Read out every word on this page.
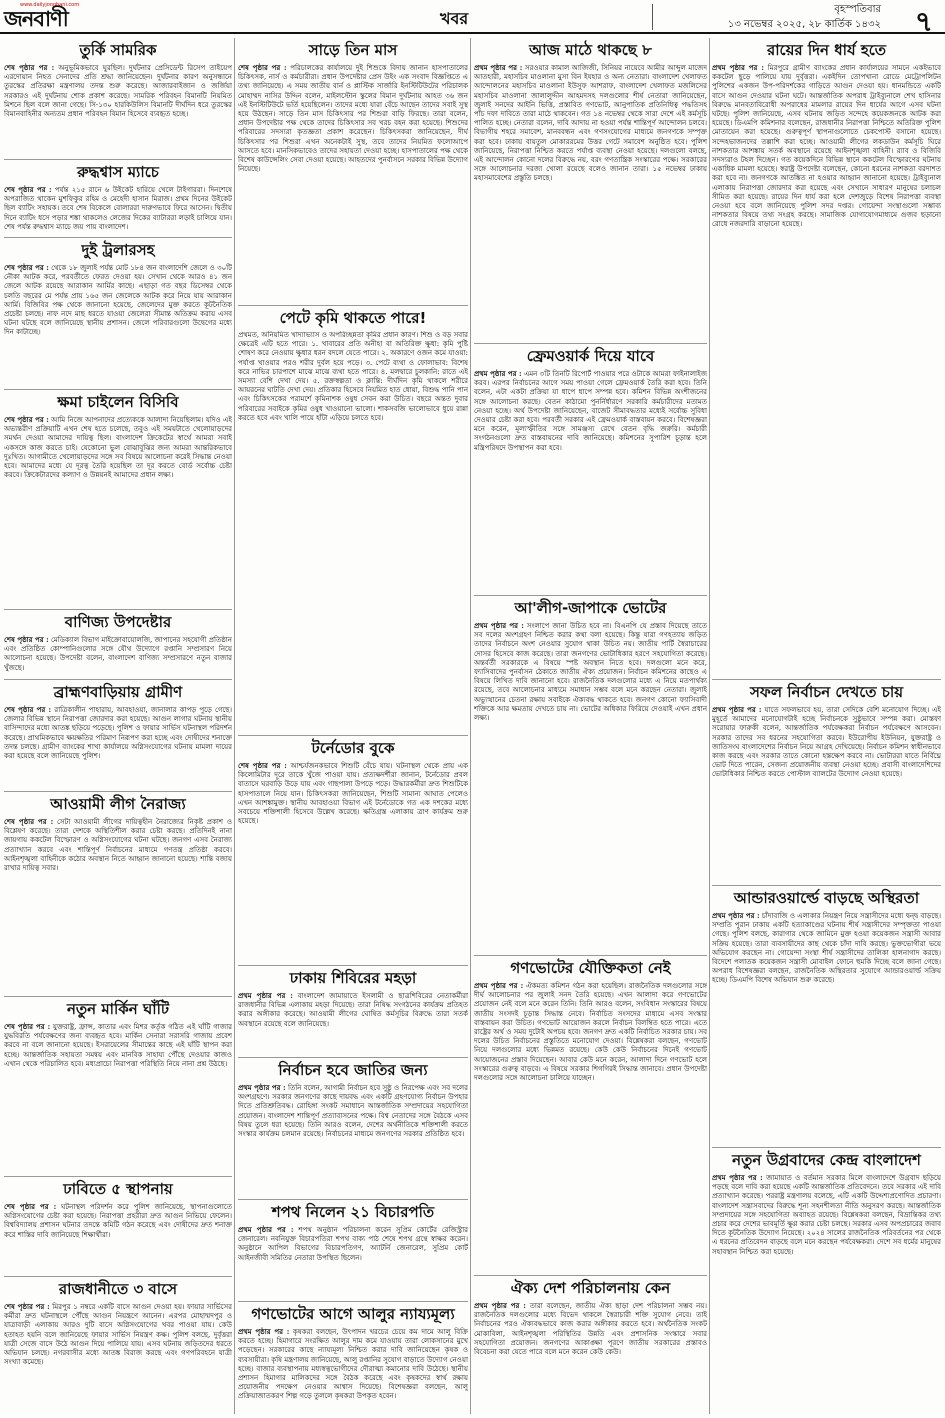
জনবাণী
www.dailyjonobani.com
খবর	বৃহস্পতিবার
১৩ নভেম্বর ২০২৫, ২৮ কার্তিক ১৪৩২ ৭
তুর্কি সামরিক

শেষ পৃষ্ঠার পর : অনুভূমিকভাবে ঘুরছিল। দুর্ঘটনার প্রেসিডেন্ট রিসেপ তাইয়েপ এরদোয়ান নিহত সেনাদের প্রতি শ্রদ্ধা জানিয়েছেন। দুর্ঘটনার কারণ অনুসন্ধানে তুরস্কের প্রতিরক্ষা মন্ত্রণালয় তদন্ত শুরু করেছে। আজারবাইজান ও জর্জিয়া সরকারও এই দুর্ঘটনায় শোক প্রকাশ করেছে। সামরিক পরিবহন বিমানটি নিয়মিত মিশনে ছিল বলে জানা গেছে। সি-১৩০ হারকিউলিস বিমানটি দীর্ঘদিন ধরে তুরস্কের বিমানবাহিনীর অন্যতম প্রধান পরিবহন বিমান হিসেবে ব্যবহৃত হচ্ছে।

রুদ্ধশ্বাস ম্যাচে

শেষ পৃষ্ঠার পর : পর্যন্ত ২১৫ রানে ৬ উইকেট হারিয়ে খেলে টাইগাররা। দিনশেষে অপরাজিত থাকেন মুশফিকুর রহিম ও মেহেদী হাসান মিরাজ। প্রথম দিনের উইকেট ছিল ব্যাটিং সহায়ক। তবে শেষ বিকেলে বোলাররা দারুণভাবে ফিরে আসেন। দ্বিতীয় দিনে ব্যাটিং ধসে পড়ার শঙ্কা থাকলেও লেজের দিকের ব্যাটাররা লড়াই চালিয়ে যান। শেষ পর্যন্ত রুদ্ধশ্বাস ম্যাচে জয় পায় বাংলাদেশ।

দুই ট্রলারসহ

শেষ পৃষ্ঠার পর : থেকে ১৮ জুলাই পর্যন্ত মোট ১৮৪ জন বাংলাদেশি জেলে ও ৩০টি নৌকা আটক করে, পরবর্তীতে ফেরত দেওয়া হয়। সেখান থেকে আরও ৪১ জন জেলে আটক রয়েছে আরাকান আর্মির কাছে। এছাড়া গত বছর ডিসেম্বর থেকে চলতি বছরের মে পর্যন্ত প্রায় ১৬৫ জন জেলেকে আটক করে নিয়ে যায় আরাকান আর্মি। বিজিবির পক্ষ থেকে জানানো হয়েছে, জেলেদের মুক্ত করতে কূটনৈতিক প্রচেষ্টা চলছে। নাফ নদে মাছ ধরতে যাওয়া জেলেরা সীমান্ত অতিক্রম করায় এসব ঘটনা ঘটছে বলে জানিয়েছে স্থানীয় প্রশাসন। জেলে পরিবারগুলো উদ্বেগের মধ্যে দিন কাটাচ্ছে।

ক্ষমা চাইলেন বিসিবি

শেষ পৃষ্ঠার পর : আমি নিজে আপনাদের প্রত্যেককে আলাদা নিয়েছিলাম। যদিও এই অভ্যন্তরীণ প্রক্রিয়াটি এখন শেষ হতে চলেছে, তবুও এই সময়টাতে খেলোয়াড়দের সমর্থন দেওয়া আমাদের দায়িত্ব ছিল। বাংলাদেশ ক্রিকেটের স্বার্থে আমরা সবাই একসঙ্গে কাজ করতে চাই। যেকোনো ভুল বোঝাবুঝির জন্য আমরা আন্তরিকভাবে দুঃখিত। আগামীতে খেলোয়াড়দের সঙ্গে সব বিষয়ে আলোচনা করেই সিদ্ধান্ত নেওয়া হবে। আমাদের মধ্যে যে দূরত্ব তৈরি হয়েছিল তা দূর করতে বোর্ড সর্বোচ্চ চেষ্টা করবে। ক্রিকেটারদের কল্যাণ ও উন্নয়নই আমাদের প্রধান লক্ষ্য।

বাণিজ্য উপদেষ্টার

শেষ পৃষ্ঠার পর : মেডিক্যাল বিভাগ মাইক্রোবায়োলজি, জাপানের সহযোগী প্রতিষ্ঠান এবং প্রতিষ্ঠিত কোম্পানিগুলোর সঙ্গে যৌথ উদ্যোগে রপ্তানি সম্প্রসারণ নিয়ে আলোচনা হয়েছে। উপদেষ্টা বলেন, বাংলাদেশ বাণিজ্য সম্প্রসারণে নতুন বাজার খুঁজছে।

ব্রাহ্মণবাড়িয়ায় গ্রামীণ

শেষ পৃষ্ঠার পর : রাত্রিকালীন পাহারায়, আবহাওয়া, জানালার কাপড় পুড়ে গেছে। জেলার বিভিন্ন স্থানে নিরাপত্তা জোরদার করা হয়েছে। আগুন লাগার ঘটনায় স্থানীয় বাসিন্দাদের মধ্যে আতঙ্ক ছড়িয়ে পড়েছে। পুলিশ ও ফায়ার সার্ভিস ঘটনাস্থল পরিদর্শন করেছে। প্রাথমিকভাবে ক্ষয়ক্ষতির পরিমাণ নিরূপণ করা হচ্ছে এবং দোষীদের শনাক্তে তদন্ত চলছে। গ্রামীণ ব্যাংকের শাখা কার্যালয়ে অগ্নিসংযোগের ঘটনায় মামলা দায়ের করা হয়েছে বলে জানিয়েছে পুলিশ।

আওয়ামী লীগ নৈরাজ্য

শেষ পৃষ্ঠার পর : সেটা আওয়ামী লীগের দায়িত্বহীন নৈরাজ্যের নিকৃষ্ট প্রকাশ ও বিশ্লেষণ করেছে। তারা দেশকে অস্থিতিশীল করার চেষ্টা করছে। প্রতিদিনই নানা জায়গায় ককটেল বিস্ফোরণ ও অগ্নিসংযোগের ঘটনা ঘটছে। জনগণ এসব নৈরাজ্য প্রত্যাখ্যান করবে এবং শান্তিপূর্ণ নির্বাচনের মাধ্যমে গণতন্ত্র প্রতিষ্ঠা করবে। আইনশৃঙ্খলা বাহিনীকে কঠোর অবস্থান নিতে আহ্বান জানানো হয়েছে। শান্তি বজায় রাখার দায়িত্ব সবার।

নতুন মার্কিন ঘাঁটি

শেষ পৃষ্ঠার পর : যুক্তরাষ্ট্র, ফ্রান্স, কাতার এবং মিশর কর্তৃক গঠিত এই ঘাঁটি গাজার যুদ্ধবিরতি পর্যবেক্ষণের জন্য ব্যবহৃত হবে। মার্কিন সেনারা সরাসরি গাজায় প্রবেশ করবে না বলে জানানো হয়েছে। ইসরায়েলের সীমান্তের কাছে এই ঘাঁটি স্থাপন করা হচ্ছে। আন্তর্জাতিক সহায়তা সমন্বয় এবং মানবিক সাহায্য পৌঁছে দেওয়ার কাজও এখান থেকে পরিচালিত হবে। মধ্যপ্রাচ্যে নিরাপত্তা পরিস্থিতি নিয়ে নানা প্রশ্ন উঠছে।

ঢাবিতে ৫ স্থাপনায়

শেষ পৃষ্ঠার পর : ঘটনাস্থল পরিদর্শন করে পুলিশ জানিয়েছে, স্থাপনাগুলোতে অগ্নিসংযোগের চেষ্টা করা হয়েছে। নিরাপত্তা প্রহরীরা দ্রুত আগুন নিভিয়ে ফেলেন। বিশ্ববিদ্যালয় প্রশাসন ঘটনার তদন্তে কমিটি গঠন করেছে এবং দোষীদের দ্রুত শনাক্ত করে শাস্তির দাবি জানিয়েছে শিক্ষার্থীরা।

রাজধানীতে ৩ বাসে

শেষ পৃষ্ঠার পর : মিরপুর ১ নম্বরে একটি বাসে আগুন দেওয়া হয়। ফায়ার সার্ভিসের কর্মীরা দ্রুত ঘটনাস্থলে পৌঁছে আগুন নিয়ন্ত্রণে আনেন। এরপর মোহাম্মদপুর ও যাত্রাবাড়ী এলাকায় আরও দুটি বাসে অগ্নিসংযোগের খবর পাওয়া যায়। কেউ হতাহত হয়নি বলে জানিয়েছে ফায়ার সার্ভিস নিয়ন্ত্রণ কক্ষ। পুলিশ বলছে, দুর্বৃত্তরা যাত্রী সেজে বাসে উঠে আগুন দিয়ে পালিয়ে যায়। এসব ঘটনায় জড়িতদের ধরতে অভিযান চলছে। নগরবাসীর মধ্যে আতঙ্ক বিরাজ করছে এবং গণপরিবহনে যাত্রী সংখ্যা কমেছে।

সাড়ে তিন মাস

শেষ পৃষ্ঠার পর : পরিচালকের কার্যালয়ে দুই শিশুকে বিদায় জানান হাসপাতালের চিকিৎসক, নার্স ও কর্মচারীরা। প্রধান উপদেষ্টার প্রেস উইং এক সংবাদ বিজ্ঞপ্তিতে এ তথ্য জানিয়েছে। এ সময় জাতীয় বার্ন ও প্লাস্টিক সার্জারি ইনস্টিটিউটের পরিচালক মোহাম্মদ নাসির উদ্দিন বলেন, মাইলস্টোন স্কুলের বিমান দুর্ঘটনায় আহত ৩৬ জন এই ইনস্টিটিউটে ভর্তি হয়েছিলেন। তাদের মধ্যে যারা বেঁচে আছেন তাদের সবাই সুস্থ হয়ে উঠছেন। সাড়ে তিন মাস চিকিৎসার পর শিশুরা বাড়ি ফিরছে। তারা বলেন, প্রধান উপদেষ্টার পক্ষ থেকে তাদের চিকিৎসার সব খরচ বহন করা হয়েছে। শিশুদের পরিবারের সদস্যরা কৃতজ্ঞতা প্রকাশ করেছেন। চিকিৎসকরা জানিয়েছেন, দীর্ঘ চিকিৎসার পর শিশুরা এখন অনেকটাই সুস্থ, তবে তাদের নিয়মিত ফলোআপে আসতে হবে। মানসিকভাবেও তাদের সহায়তা দেওয়া হচ্ছে। হাসপাতালের পক্ষ থেকে বিশেষ কাউন্সেলিং সেবা দেওয়া হয়েছে। আহতদের পুনর্বাসনে সরকার বিভিন্ন উদ্যোগ নিয়েছে।

পেটে কৃমি থাকতে পারে!

প্রথমত, অনিয়মিত খাদ্যাভ্যাস ও অপরিচ্ছন্নতা কৃমির প্রধান কারণ। শিশু ও বড় সবার ক্ষেত্রেই এটি হতে পারে। ১. খাবারের প্রতি অনীহা বা অতিরিক্ত ক্ষুধা: কৃমি পুষ্টি শোষণ করে নেওয়ায় ক্ষুধার ধরন বদলে যেতে পারে। ২. অকারণে ওজন কমে যাওয়া: পর্যাপ্ত খাওয়ার পরও শরীর দুর্বল হয়ে পড়ে। ৩. পেটে ব্যথা ও ফোলাভাব: বিশেষ করে নাভির চারপাশে মাঝে মাঝে ব্যথা হতে পারে। ৪. মলদ্বারে চুলকানি: রাতে এই সমস্যা বেশি দেখা দেয়। ৫. রক্তস্বল্পতা ও ক্লান্তি: দীর্ঘদিন কৃমি থাকলে শরীরে আয়রনের ঘাটতি দেখা দেয়। প্রতিকার হিসেবে নিয়মিত হাত ধোয়া, বিশুদ্ধ পানি পান এবং চিকিৎসকের পরামর্শে কৃমিনাশক ওষুধ সেবন করা উচিত। বছরে অন্তত দুবার পরিবারের সবাইকে কৃমির ওষুধ খাওয়ানো ভালো। শাকসবজি ভালোভাবে ধুয়ে রান্না করতে হবে এবং খালি পায়ে হাঁটা এড়িয়ে চলতে হবে।

টর্নেডোর বুকে

শেষ পৃষ্ঠার পর : আশ্চর্যজনকভাবে শিশুটি বেঁচে যায়। ঘটনাস্থল থেকে প্রায় এক কিলোমিটার দূরে তাকে খুঁজে পাওয়া যায়। প্রত্যক্ষদর্শীরা জানান, টর্নেডোর প্রবল বাতাসে ঘরবাড়ি উড়ে যায় এবং গাছপালা উপড়ে পড়ে। উদ্ধারকর্মীরা দ্রুত শিশুটিকে হাসপাতালে নিয়ে যান। চিকিৎসকরা জানিয়েছেন, শিশুটি সামান্য আঘাত পেলেও এখন আশঙ্কামুক্ত। স্থানীয় আবহাওয়া বিভাগ এই টর্নেডোকে গত এক দশকের মধ্যে সবচেয়ে শক্তিশালী হিসেবে উল্লেখ করেছে। ক্ষতিগ্রস্ত এলাকায় ত্রাণ কার্যক্রম শুরু হয়েছে।

ঢাকায় শিবিরের মহড়া

প্রথম পৃষ্ঠার পর : বাংলাদেশ জামায়াতে ইসলামী ও ছাত্রশিবিরের নেতাকর্মীরা রাজধানীর বিভিন্ন এলাকায় মহড়া দিয়েছে। তারা নিষিদ্ধ সংগঠনের কার্যক্রম প্রতিহত করার অঙ্গীকার করেছে। আওয়ামী লীগের ঘোষিত কর্মসূচির বিরুদ্ধে তারা সতর্ক অবস্থানে রয়েছে বলে জানিয়েছে।

নির্বাচন হবে জাতির জন্য

প্রথম পৃষ্ঠার পর : তিনি বলেন, আগামী নির্বাচন হবে সুষ্ঠু ও নিরপেক্ষ এবং সব দলের অংশগ্রহণে। সরকার জনগণের কাছে দায়বদ্ধ এবং একটি গ্রহণযোগ্য নির্বাচন উপহার দিতে প্রতিশ্রুতিবদ্ধ। রোহিঙ্গা সংকট সমাধানে আন্তর্জাতিক সম্প্রদায়ের সহযোগিতা প্রয়োজন। বাংলাদেশ শান্তিপূর্ণ প্রত্যাবাসনের পক্ষে। বিশ্ব নেতাদের সঙ্গে বৈঠকে এসব বিষয় তুলে ধরা হয়েছে। তিনি আরও বলেন, দেশের অর্থনীতিকে শক্তিশালী করতে সংস্কার কার্যক্রম চলমান রয়েছে। নির্বাচনের মাধ্যমে জনগণের সরকার প্রতিষ্ঠিত হবে।

শপথ নিলেন ২১ বিচারপতি

প্রথম পৃষ্ঠার পর : শপথ অনুষ্ঠান পরিচালনা করেন সুপ্রিম কোর্টের রেজিস্ট্রার জেনারেল। নবনিযুক্ত বিচারপতিরা শপথ বাক্য পাঠ শেষে শপথ গ্রন্থে স্বাক্ষর করেন। অনুষ্ঠানে আপিল বিভাগের বিচারপতিগণ, অ্যাটর্নি জেনারেল, সুপ্রিম কোর্ট আইনজীবী সমিতির নেতারা উপস্থিত ছিলেন।

গণভোটের আগে আলুর ন্যায্যমূল্য

প্রথম পৃষ্ঠার পর : কৃষকরা বলছেন, উৎপাদন খরচের চেয়ে কম দামে আলু বিক্রি করতে হচ্ছে। হিমাগারে সংরক্ষিত আলুর দাম কমে যাওয়ায় তারা লোকসানের মুখে পড়েছেন। সরকারের কাছে ন্যায্যমূল্য নিশ্চিত করার দাবি জানিয়েছেন কৃষক ও ব্যবসায়ীরা। কৃষি মন্ত্রণালয় জানিয়েছে, আলু রপ্তানির সুযোগ বাড়াতে উদ্যোগ নেওয়া হচ্ছে। বাজার ব্যবস্থাপনায় মধ্যস্বত্বভোগীদের দৌরাত্ম্য কমানোর দাবি উঠেছে। স্থানীয় প্রশাসন হিমাগার মালিকদের সঙ্গে বৈঠক করেছে এবং কৃষকদের স্বার্থ রক্ষায় প্রয়োজনীয় পদক্ষেপ নেওয়ার আশ্বাস দিয়েছে। বিশেষজ্ঞরা বলছেন, আলু প্রক্রিয়াজাতকরণ শিল্প গড়ে তুললে কৃষকরা উপকৃত হবেন।

আজ মাঠে থাকছে ৮

প্রথম পৃষ্ঠার পর : সরওয়ার কামাল আজিজী, সিনিয়র নায়েবে আমীর আব্দুল মাজেদ আতহারী, মহাসচিব মাওলানা মুসা বিন ইযহার ও অন্য নেতারা। বাংলাদেশ খেলাফত আন্দোলনের মহাসচিব মাওলানা ইউসুফ আশরাফ, বাংলাদেশ খেলাফত মজলিসের মহাসচিব মাওলানা জালালুদ্দীন আহমদসহ দলগুলোর শীর্ষ নেতারা জানিয়েছেন, জুলাই সনদের আইনি ভিত্তি, প্রস্তাবিত গণভোট, আনুপাতিক প্রতিনিধিত্ব পদ্ধতিসহ পাঁচ দফা দাবিতে তারা মাঠে থাকবেন। গত ১৪ নভেম্বর থেকে সারা দেশে এই কর্মসূচি পালিত হচ্ছে। নেতারা বলেন, দাবি আদায় না হওয়া পর্যন্ত শান্তিপূর্ণ আন্দোলন চলবে। বিভাগীয় শহরে সমাবেশ, মানববন্ধন এবং গণসংযোগের মাধ্যমে জনগণকে সম্পৃক্ত করা হবে। ঢাকায় বায়তুল মোকাররমের উত্তর গেটে সমাবেশ অনুষ্ঠিত হবে। পুলিশ জানিয়েছে, নিরাপত্তা নিশ্চিত করতে পর্যাপ্ত ব্যবস্থা নেওয়া হয়েছে। দলগুলো বলছে, এই আন্দোলন কোনো দলের বিরুদ্ধে নয়, বরং গণতান্ত্রিক সংস্কারের পক্ষে। সরকারের সঙ্গে আলোচনার দরজা খোলা রয়েছে বলেও জানান তারা। ১৫ নভেম্বর ঢাকায় মহাসমাবেশের প্রস্তুতি চলছে।

ফ্রেমওয়ার্ক দিয়ে যাবে

প্রথম পৃষ্ঠার পর : এমন ৩টি তিনটি রিপোর্ট পাওয়ার পরে ওটাকে আমরা ফাইনালাইজ করব। এরপর নির্বাচনের আগে সময় পাওয়া গেলে ফ্রেমওয়ার্ক তৈরি করা হবে। তিনি বলেন, এটা একটা প্রক্রিয়া যা ধাপে ধাপে সম্পন্ন হবে। কমিশন বিভিন্ন অংশীজনের সঙ্গে আলোচনা করছে। বেতন কাঠামো পুনর্নির্ধারণে সরকারি কর্মচারীদের মতামত নেওয়া হচ্ছে। অর্থ উপদেষ্টা জানিয়েছেন, বাজেট সীমাবদ্ধতার মধ্যেই সর্বোচ্চ সুবিধা দেওয়ার চেষ্টা করা হবে। পরবর্তী সরকার এই ফ্রেমওয়ার্ক বাস্তবায়ন করবে। বিশেষজ্ঞরা মনে করেন, মূল্যস্ফীতির সঙ্গে সামঞ্জস্য রেখে বেতন বৃদ্ধি জরুরি। কর্মচারী সংগঠনগুলো দ্রুত বাস্তবায়নের দাবি জানিয়েছে। কমিশনের সুপারিশ চূড়ান্ত হলে মন্ত্রিপরিষদে উপস্থাপন করা হবে।

আ'লীগ-জাপাকে ভোটের

প্রথম পৃষ্ঠার পর : সংলাপে জানা উচিত হবে না। বিএনপি যে প্রস্তাব দিয়েছে তাতে সব দলের অংশগ্রহণ নিশ্চিত করার কথা বলা হয়েছে। কিন্তু যারা গণহত্যায় জড়িত তাদের নির্বাচনে অংশ নেওয়ার সুযোগ থাকা উচিত নয়। জাতীয় পার্টি স্বৈরাচারের দোসর হিসেবে কাজ করেছে। তারা জনগণের ভোটাধিকার হরণে সহযোগিতা করেছে। অন্তর্বর্তী সরকারকে এ বিষয়ে স্পষ্ট অবস্থান নিতে হবে। দলগুলো মনে করে, ফ্যাসিবাদের পুনর্বাসন ঠেকাতে জাতীয় ঐক্য প্রয়োজন। নির্বাচন কমিশনের কাছেও এ বিষয়ে লিখিত দাবি জানানো হবে। রাজনৈতিক দলগুলোর মধ্যে এ নিয়ে মতপার্থক্য রয়েছে, তবে আলোচনার মাধ্যমে সমাধান সম্ভব বলে মনে করছেন নেতারা। জুলাই অভ্যুত্থানের চেতনা রক্ষায় সবাইকে ঐক্যবদ্ধ থাকতে হবে। জনগণ কোনো ফ্যাসিবাদী শক্তিকে আর ক্ষমতায় দেখতে চায় না। ভোটের অধিকার ফিরিয়ে দেওয়াই এখন প্রধান লক্ষ্য।

গণভোটের যৌক্তিকতা নেই

প্রথম পৃষ্ঠার পর : ঐকমত্য কমিশন গঠন করা হয়েছিল। রাজনৈতিক দলগুলোর সঙ্গে দীর্ঘ আলোচনার পর জুলাই সনদ তৈরি হয়েছে। এখন আলাদা করে গণভোটের প্রয়োজন নেই বলে মনে করেন তিনি। তিনি আরও বলেন, সংবিধান সংস্কারের বিষয়ে জাতীয় সংসদই চূড়ান্ত সিদ্ধান্ত নেবে। নির্বাচিত সংসদের মাধ্যমে এসব সংস্কার বাস্তবায়ন করা উচিত। গণভোট আয়োজন করলে নির্বাচন বিলম্বিত হতে পারে। এতে রাষ্ট্রের অর্থ ও সময় দুটোই অপচয় হবে। জনগণ দ্রুত একটি নির্বাচিত সরকার চায়। সব দলের উচিত নির্বাচনের প্রস্তুতিতে মনোযোগ দেওয়া। বিশ্লেষকরা বলছেন, গণভোট নিয়ে দলগুলোর মধ্যে ভিন্নমত রয়েছে। কেউ কেউ নির্বাচনের দিনেই গণভোট আয়োজনের প্রস্তাব দিয়েছেন। আবার কেউ মনে করেন, আলাদা দিনে গণভোট হলে সংস্কারের গুরুত্ব বাড়বে। এ বিষয়ে সরকার শিগগিরই সিদ্ধান্ত জানাবে। প্রধান উপদেষ্টা দলগুলোর সঙ্গে আলোচনা চালিয়ে যাচ্ছেন।

ঐক্য দেশ পরিচালনায় কেন

প্রথম পৃষ্ঠার পর : তারা বলেছেন, জাতীয় ঐক্য ছাড়া দেশ পরিচালনা সম্ভব নয়। রাজনৈতিক দলগুলোর মধ্যে বিভেদ থাকলে স্বৈরাচারী শক্তি সুযোগ নেবে। তাই নির্বাচনের পরও ঐক্যবদ্ধভাবে কাজ করার অঙ্গীকার করতে হবে। অর্থনৈতিক সংকট মোকাবিলা, আইনশৃঙ্খলা পরিস্থিতির উন্নতি এবং প্রশাসনিক সংস্কারে সবার সহযোগিতা প্রয়োজন। জনগণের আকাঙ্ক্ষা পূরণে জাতীয় সরকারের প্রস্তাবও বিবেচনা করা যেতে পারে বলে মনে করেন কেউ কেউ।

রায়ের দিন ধার্য হতে

প্রথম পৃষ্ঠার পর : মিরপুরে গ্রামীণ ব্যাংকের প্রধান কার্যালয়ের সামনে একইভাবে ককটেল ছুড়ে পালিয়ে যায় দুর্বৃত্তরা। একইদিন তোপখানা রোডে মেট্রোপলিটন পুলিশের একজন উপ-পরিদর্শকের গাড়িতে আগুন দেওয়া হয়। ধানমন্ডিতে একটি বাসে আগুন দেওয়ার ঘটনা ঘটে। আন্তর্জাতিক অপরাধ ট্রাইব্যুনালে শেখ হাসিনার বিরুদ্ধে মানবতাবিরোধী অপরাধের মামলার রায়ের দিন ধার্যের আগে এসব ঘটনা ঘটছে। পুলিশ জানিয়েছে, এসব ঘটনায় জড়িত সন্দেহে কয়েকজনকে আটক করা হয়েছে। ডিএমপি কমিশনার বলেছেন, রাজধানীর নিরাপত্তা নিশ্চিতে অতিরিক্ত পুলিশ মোতায়েন করা হয়েছে। গুরুত্বপূর্ণ স্থাপনাগুলোতে চেকপোস্ট বসানো হয়েছে। সন্দেহভাজনদের তল্লাশি করা হচ্ছে। আওয়ামী লীগের লকডাউন কর্মসূচি ঘিরে নাশকতার আশঙ্কায় সতর্ক অবস্থানে রয়েছে আইনশৃঙ্খলা বাহিনী। র‍্যাব ও বিজিবি সদস্যরাও টহল দিচ্ছেন। গত কয়েকদিনে বিভিন্ন স্থানে ককটেল বিস্ফোরণের ঘটনায় একাধিক মামলা হয়েছে। স্বরাষ্ট্র উপদেষ্টা বলেছেন, কোনো ধরনের নাশকতা বরদাশত করা হবে না। জনগণকে আতঙ্কিত না হওয়ার আহ্বান জানানো হয়েছে। ট্রাইব্যুনাল এলাকায় নিরাপত্তা জোরদার করা হয়েছে এবং সেখানে সাধারণ মানুষের চলাচল সীমিত করা হয়েছে। রায়ের দিন ধার্য করা হলে দেশজুড়ে বিশেষ নিরাপত্তা ব্যবস্থা নেওয়া হবে বলে জানিয়েছে পুলিশ সদর দপ্তর। গোয়েন্দা সংস্থাগুলো সম্ভাব্য নাশকতার বিষয়ে তথ্য সংগ্রহ করছে। সামাজিক যোগাযোগমাধ্যমে গুজব ছড়ানো রোধে নজরদারি বাড়ানো হয়েছে।

সফল নির্বাচন দেখতে চায়

প্রথম পৃষ্ঠার পর : যাতে সফলভাবে হয়, তারা সেদিকে বেশি মনোযোগ দিচ্ছে। এই মুহূর্তে আমাদের মনোযোগটাই হচ্ছে নির্বাচনকে সুষ্ঠুভাবে সম্পন্ন করা। মোস্তফা সরোয়ার ফারুকী বলেন, আন্তর্জাতিক পর্যবেক্ষকরা নির্বাচন পর্যবেক্ষণে আসবেন। সরকার তাদের সব ধরনের সহযোগিতা করবে। ইউরোপীয় ইউনিয়ন, যুক্তরাষ্ট্র ও জাতিসংঘ বাংলাদেশের নির্বাচন নিয়ে আগ্রহ দেখিয়েছে। নির্বাচন কমিশন স্বাধীনভাবে কাজ করছে এবং সরকার তাতে কোনো হস্তক্ষেপ করবে না। ভোটাররা যাতে নির্বিঘ্নে ভোট দিতে পারেন, সেজন্য প্রয়োজনীয় ব্যবস্থা নেওয়া হচ্ছে। প্রবাসী বাংলাদেশিদের ভোটাধিকার নিশ্চিত করতে পোস্টাল ব্যালটের উদ্যোগ নেওয়া হয়েছে।

আন্ডারওয়ার্ল্ডে বাড়ছে অস্থিরতা

প্রথম পৃষ্ঠার পর : চাঁদাবাজি ও এলাকার নিয়ন্ত্রণ নিয়ে সন্ত্রাসীদের মধ্যে দ্বন্দ্ব বাড়ছে। সম্প্রতি পুরান ঢাকায় একটি হত্যাকাণ্ডের ঘটনায় শীর্ষ সন্ত্রাসীদের সম্পৃক্ততা পাওয়া গেছে। পুলিশ বলছে, কারাগার থেকে জামিনে মুক্ত হওয়া কয়েকজন সন্ত্রাসী আবার সক্রিয় হয়েছে। তারা ব্যবসায়ীদের কাছ থেকে চাঁদা দাবি করছে। ভুক্তভোগীরা ভয়ে অভিযোগ করছেন না। গোয়েন্দা সংস্থা শীর্ষ সন্ত্রাসীদের তালিকা হালনাগাদ করছে। বিদেশে পলাতক কয়েকজন সন্ত্রাসী মোবাইল ফোনে হুমকি দিচ্ছে বলে জানা গেছে। অপরাধ বিশেষজ্ঞরা বলছেন, রাজনৈতিক অস্থিরতার সুযোগে আন্ডারওয়ার্ল্ড সক্রিয় হচ্ছে। ডিএমপি বিশেষ অভিযান শুরু করেছে।

নতুন উগ্রবাদের কেন্দ্র বাংলাদেশ

প্রথম পৃষ্ঠার পর : জামায়াত ও বর্তমান সরকার মিলে বাংলাদেশে উগ্রবাদ ছড়িয়ে পড়ছে বলে দাবি করা হয়েছে একটি আন্তর্জাতিক প্রতিবেদনে। তবে সরকার এই দাবি প্রত্যাখ্যান করেছে। পররাষ্ট্র মন্ত্রণালয় বলেছে, এটি একটি উদ্দেশ্যপ্রণোদিত প্রচারণা। বাংলাদেশ সন্ত্রাসবাদের বিরুদ্ধে শূন্য সহনশীলতা নীতি অনুসরণ করছে। আন্তর্জাতিক সম্প্রদায়ের সঙ্গে সহযোগিতা অব্যাহত রয়েছে। বিশ্লেষকরা বলছেন, বিভ্রান্তিকর তথ্য প্রচার করে দেশের ভাবমূর্তি ক্ষুণ্ণ করার চেষ্টা চলছে। সরকার এসব অপপ্রচারের জবাব দিতে কূটনৈতিক উদ্যোগ নিয়েছে। ২০২৪ সালের রাজনৈতিক পরিবর্তনের পর থেকে এ ধরনের প্রতিবেদন বাড়ছে বলে মনে করছেন পর্যবেক্ষকরা। দেশে সব ধর্মের মানুষের সহাবস্থান নিশ্চিত করা হয়েছে।
